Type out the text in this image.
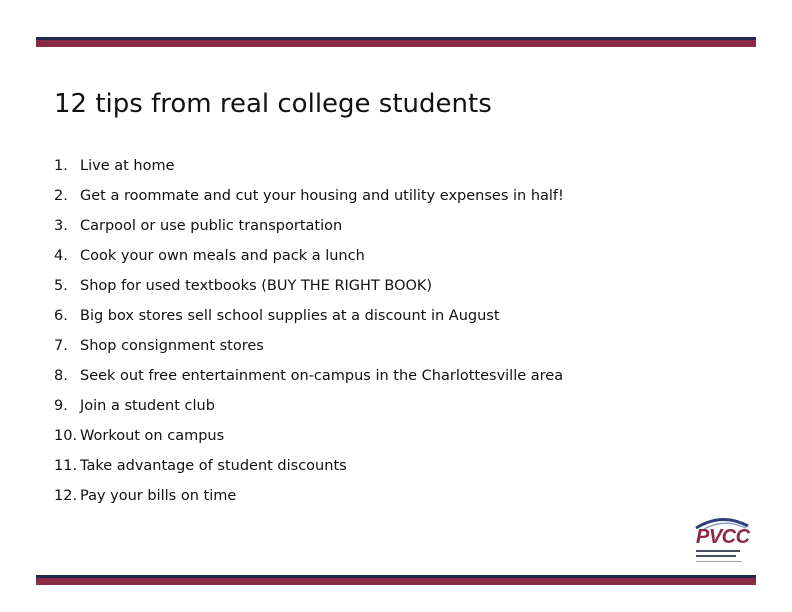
12 tips from real college students
1. Live at home
2. Get a roommate and cut your housing and utility expenses in half!
3. Carpool or use public transportation
4. Cook your own meals and pack a lunch
5. Shop for used textbooks (BUY THE RIGHT BOOK)
6. Big box stores sell school supplies at a discount in August
7. Shop consignment stores
8. Seek out free entertainment on-campus in the Charlottesville area
9. Join a student club
10. Workout on campus
11. Take advantage of student discounts
12. Pay your bills on time
PVCC
